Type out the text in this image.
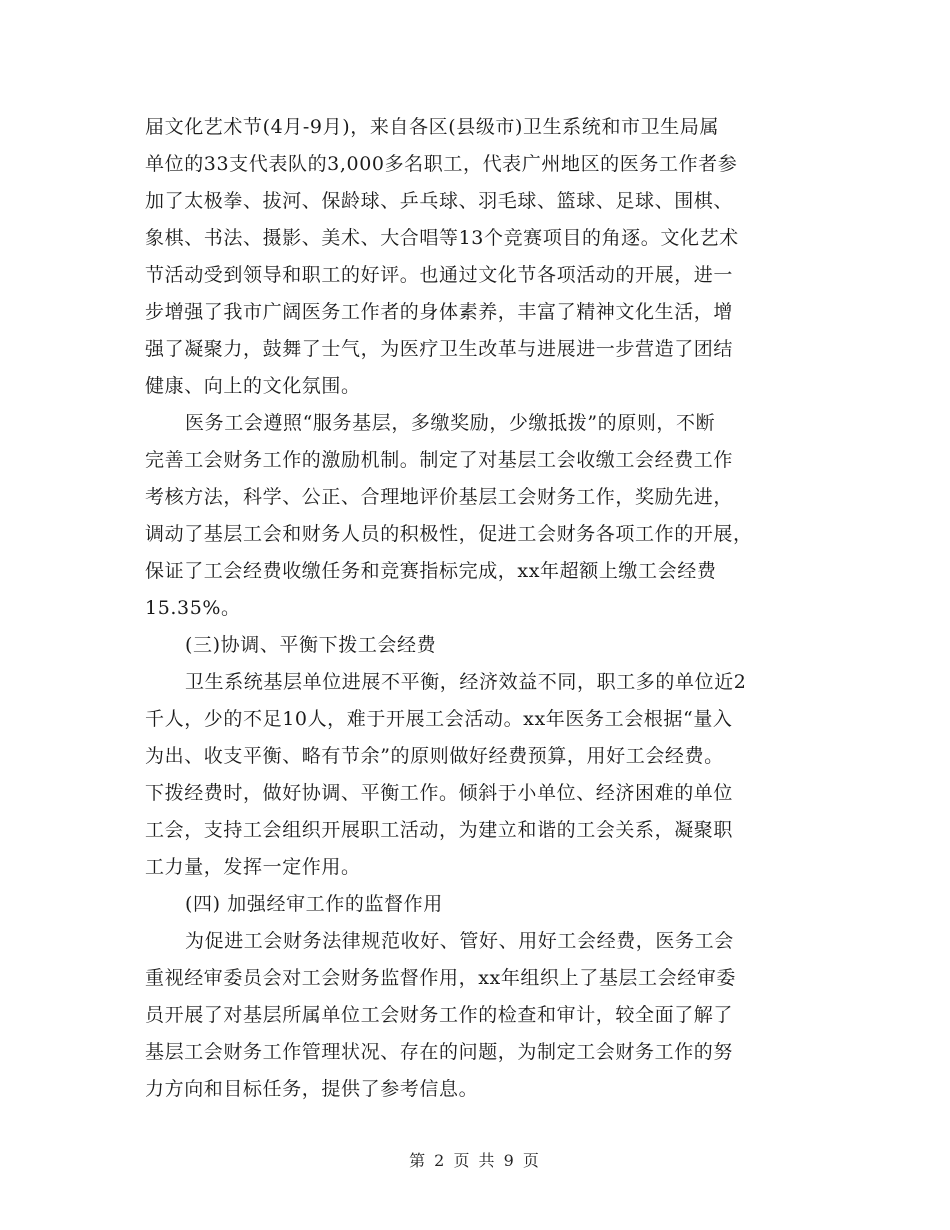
届文化艺术节(4月-9月)，来自各区(县级市)卫生系统和市卫生局属
单位的33支代表队的3,000多名职工，代表广州地区的医务工作者参
加了太极拳、拔河、保龄球、乒乓球、羽毛球、篮球、足球、围棋、
象棋、书法、摄影、美术、大合唱等13个竞赛项目的角逐。文化艺术
节活动受到领导和职工的好评。也通过文化节各项活动的开展，进一
步增强了我市广阔医务工作者的身体素养，丰富了精神文化生活，增
强了凝聚力，鼓舞了士气，为医疗卫生改革与进展进一步营造了团结
健康、向上的文化氛围。
医务工会遵照“服务基层，多缴奖励，少缴抵拨”的原则，不断
完善工会财务工作的激励机制。制定了对基层工会收缴工会经费工作
考核方法，科学、公正、合理地评价基层工会财务工作，奖励先进，
调动了基层工会和财务人员的积极性，促进工会财务各项工作的开展，
保证了工会经费收缴任务和竞赛指标完成，xx年超额上缴工会经费
15.35%。
(三)协调、平衡下拨工会经费
卫生系统基层单位进展不平衡，经济效益不同，职工多的单位近2
千人，少的不足10人，难于开展工会活动。xx年医务工会根据“量入
为出、收支平衡、略有节余”的原则做好经费预算，用好工会经费。
下拨经费时，做好协调、平衡工作。倾斜于小单位、经济困难的单位
工会，支持工会组织开展职工活动，为建立和谐的工会关系，凝聚职
工力量，发挥一定作用。
(四) 加强经审工作的监督作用
为促进工会财务法律规范收好、管好、用好工会经费，医务工会
重视经审委员会对工会财务监督作用，xx年组织上了基层工会经审委
员开展了对基层所属单位工会财务工作的检查和审计，较全面了解了
基层工会财务工作管理状况、存在的问题，为制定工会财务工作的努
力方向和目标任务，提供了参考信息。
第 2 页 共 9 页
